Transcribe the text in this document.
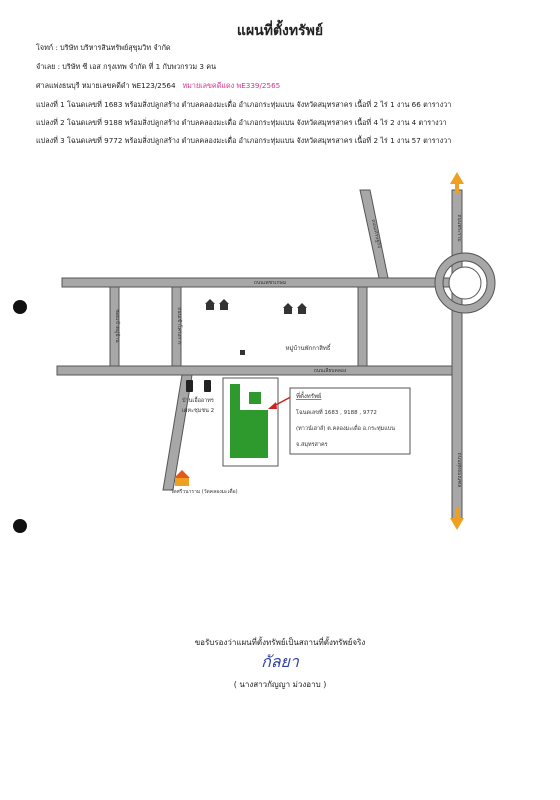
แผนที่ตั้งทรัพย์
โจทก์ : บริษัท บริหารสินทรัพย์สุขุมวิท จำกัด
จำเลย : บริษัท ซี เอส กรุงเทพ จำกัด ที่ 1 กับพวกรวม 3 คน
ศาลแพ่งธนบุรี หมายเลขคดีดำ พE123/2564 หมายเลขคดีแดง พE339/2565
แปลงที่ 1 โฉนดเลขที่ 1683 พร้อมสิ่งปลูกสร้าง ตำบลคลองมะเดื่อ อำเภอกระทุ่มแบน จังหวัดสมุทรสาคร เนื้อที่ 2 ไร่ 1 งาน 66 ตารางวา
แปลงที่ 2 โฉนดเลขที่ 9188 พร้อมสิ่งปลูกสร้าง ตำบลคลองมะเดื่อ อำเภอกระทุ่มแบน จังหวัดสมุทรสาคร เนื้อที่ 4 ไร่ 2 งาน 4 ตารางวา
แปลงที่ 3 โฉนดเลขที่ 9772 พร้อมสิ่งปลูกสร้าง ตำบลคลองมะเดื่อ อำเภอกระทุ่มแบน จังหวัดสมุทรสาคร เนื้อที่ 2 ไร่ 1 งาน 57 ตารางวา
ถนนเพชรเกษม
ถนนเลียบคลอง
ซอยเข้าหมู่บ้าน	ถนนเข้าโครงการ
ถนนเศรษฐกิจ	ถนนพระราม
ถนนพุทธมณฑล
หมู่บ้านพักกาสิทธิ์
บ้านเอื้ออาทร
เคหะชุมชน 2
วัดศรีวนาราม (วัดคลองมะเดื่อ)
ที่ตั้งทรัพย์
โฉนดเลขที่ 1683 , 9188 , 9772
(ทาวน์เฮาส์) ต.คลองมะเดื่อ อ.กระทุ่มแบน
จ.สมุทรสาคร
ขอรับรองว่าแผนที่ตั้งทรัพย์เป็นสถานที่ตั้งทรัพย์จริง
กัลยา
( นางสาวกัญญา ม่วงอาบ )
